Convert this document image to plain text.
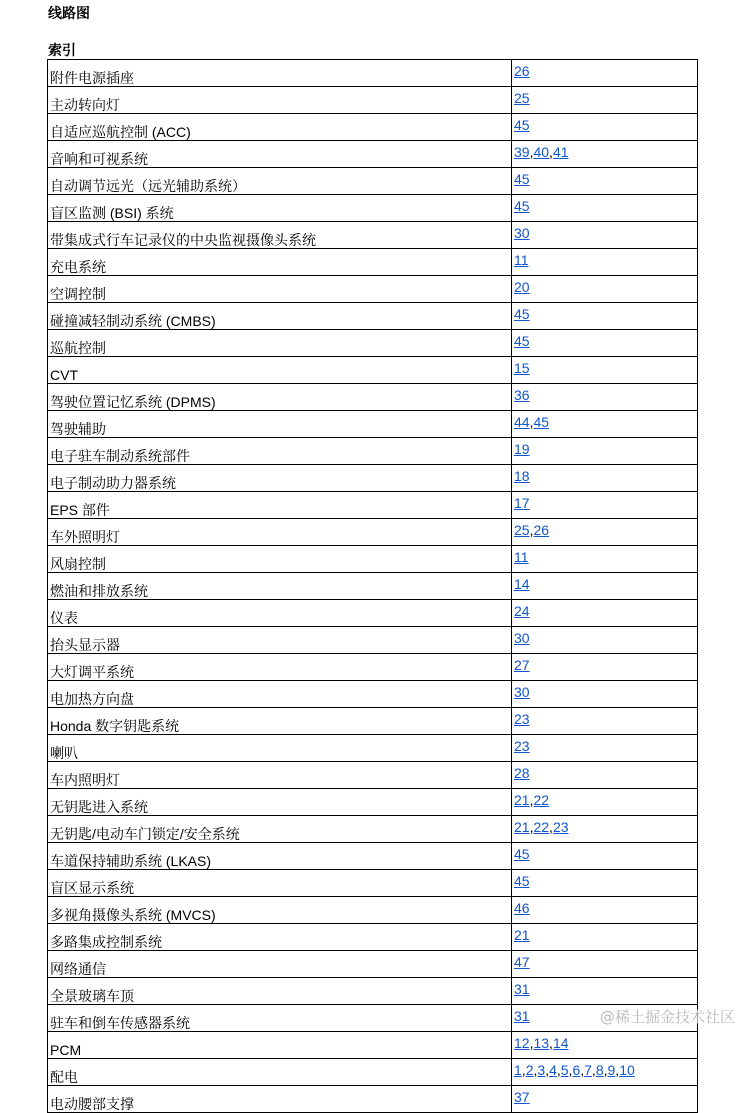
线路图
索引
附件电源插座	26
主动转向灯	25
自适应巡航控制 (ACC)	45
音响和可视系统	39,40,41
自动调节远光（远光辅助系统）	45
盲区监测 (BSI) 系统	45
带集成式行车记录仪的中央监视摄像头系统	30
充电系统	11
空调控制	20
碰撞减轻制动系统 (CMBS)	45
巡航控制	45
CVT	15
驾驶位置记忆系统 (DPMS)	36
驾驶辅助	44,45
电子驻车制动系统部件	19
电子制动助力器系统	18
EPS 部件	17
车外照明灯	25,26
风扇控制	11
燃油和排放系统	14
仪表	24
抬头显示器	30
大灯调平系统	27
电加热方向盘	30
Honda 数字钥匙系统	23
喇叭	23
车内照明灯	28
无钥匙进入系统	21,22
无钥匙/电动车门锁定/安全系统	21,22,23
车道保持辅助系统 (LKAS)	45
盲区显示系统	45
多视角摄像头系统 (MVCS)	46
多路集成控制系统	21
网络通信	47
全景玻璃车顶	31
驻车和倒车传感器系统	31
PCM	12,13,14
配电	1,2,3,4,5,6,7,8,9,10
电动腰部支撑	37
@稀土掘金技术社区
